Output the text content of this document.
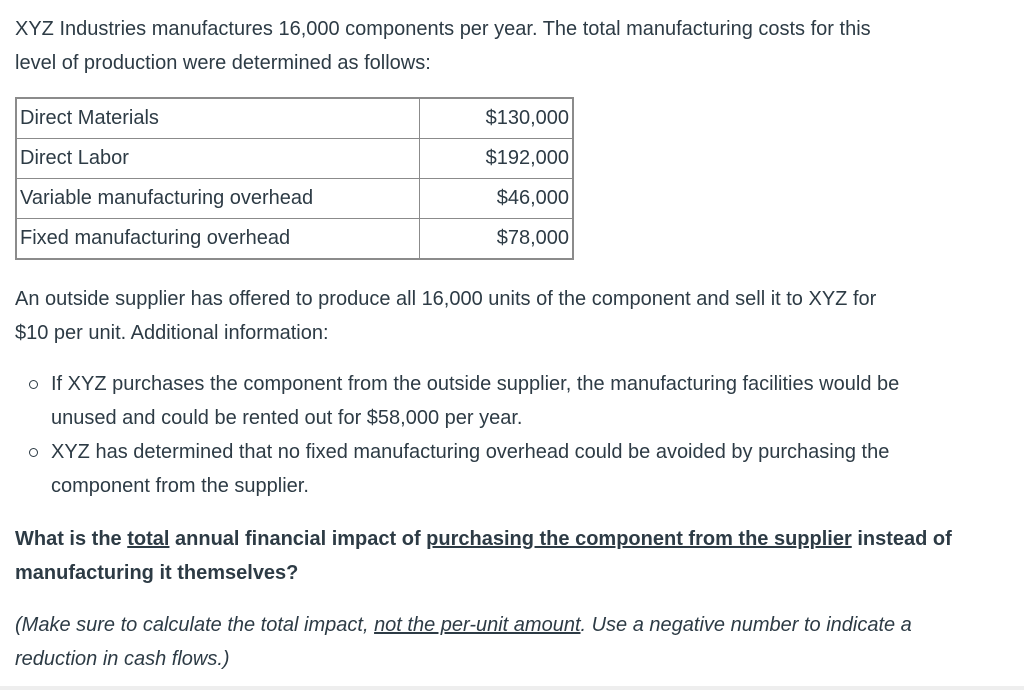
XYZ Industries manufactures 16,000 components per year. The total manufacturing costs for this
level of production were determined as follows:

Direct Materials	$130,000
Direct Labor	$192,000
Variable manufacturing overhead	$46,000
Fixed manufacturing overhead	$78,000

An outside supplier has offered to produce all 16,000 units of the component and sell it to XYZ for
$10 per unit. Additional information:

If XYZ purchases the component from the outside supplier, the manufacturing facilities would be
unused and could be rented out for $58,000 per year.
XYZ has determined that no fixed manufacturing overhead could be avoided by purchasing the
component from the supplier.

What is the total annual financial impact of purchasing the component from the supplier instead of
manufacturing it themselves?

(Make sure to calculate the total impact, not the per-unit amount. Use a negative number to indicate a
reduction in cash flows.)
